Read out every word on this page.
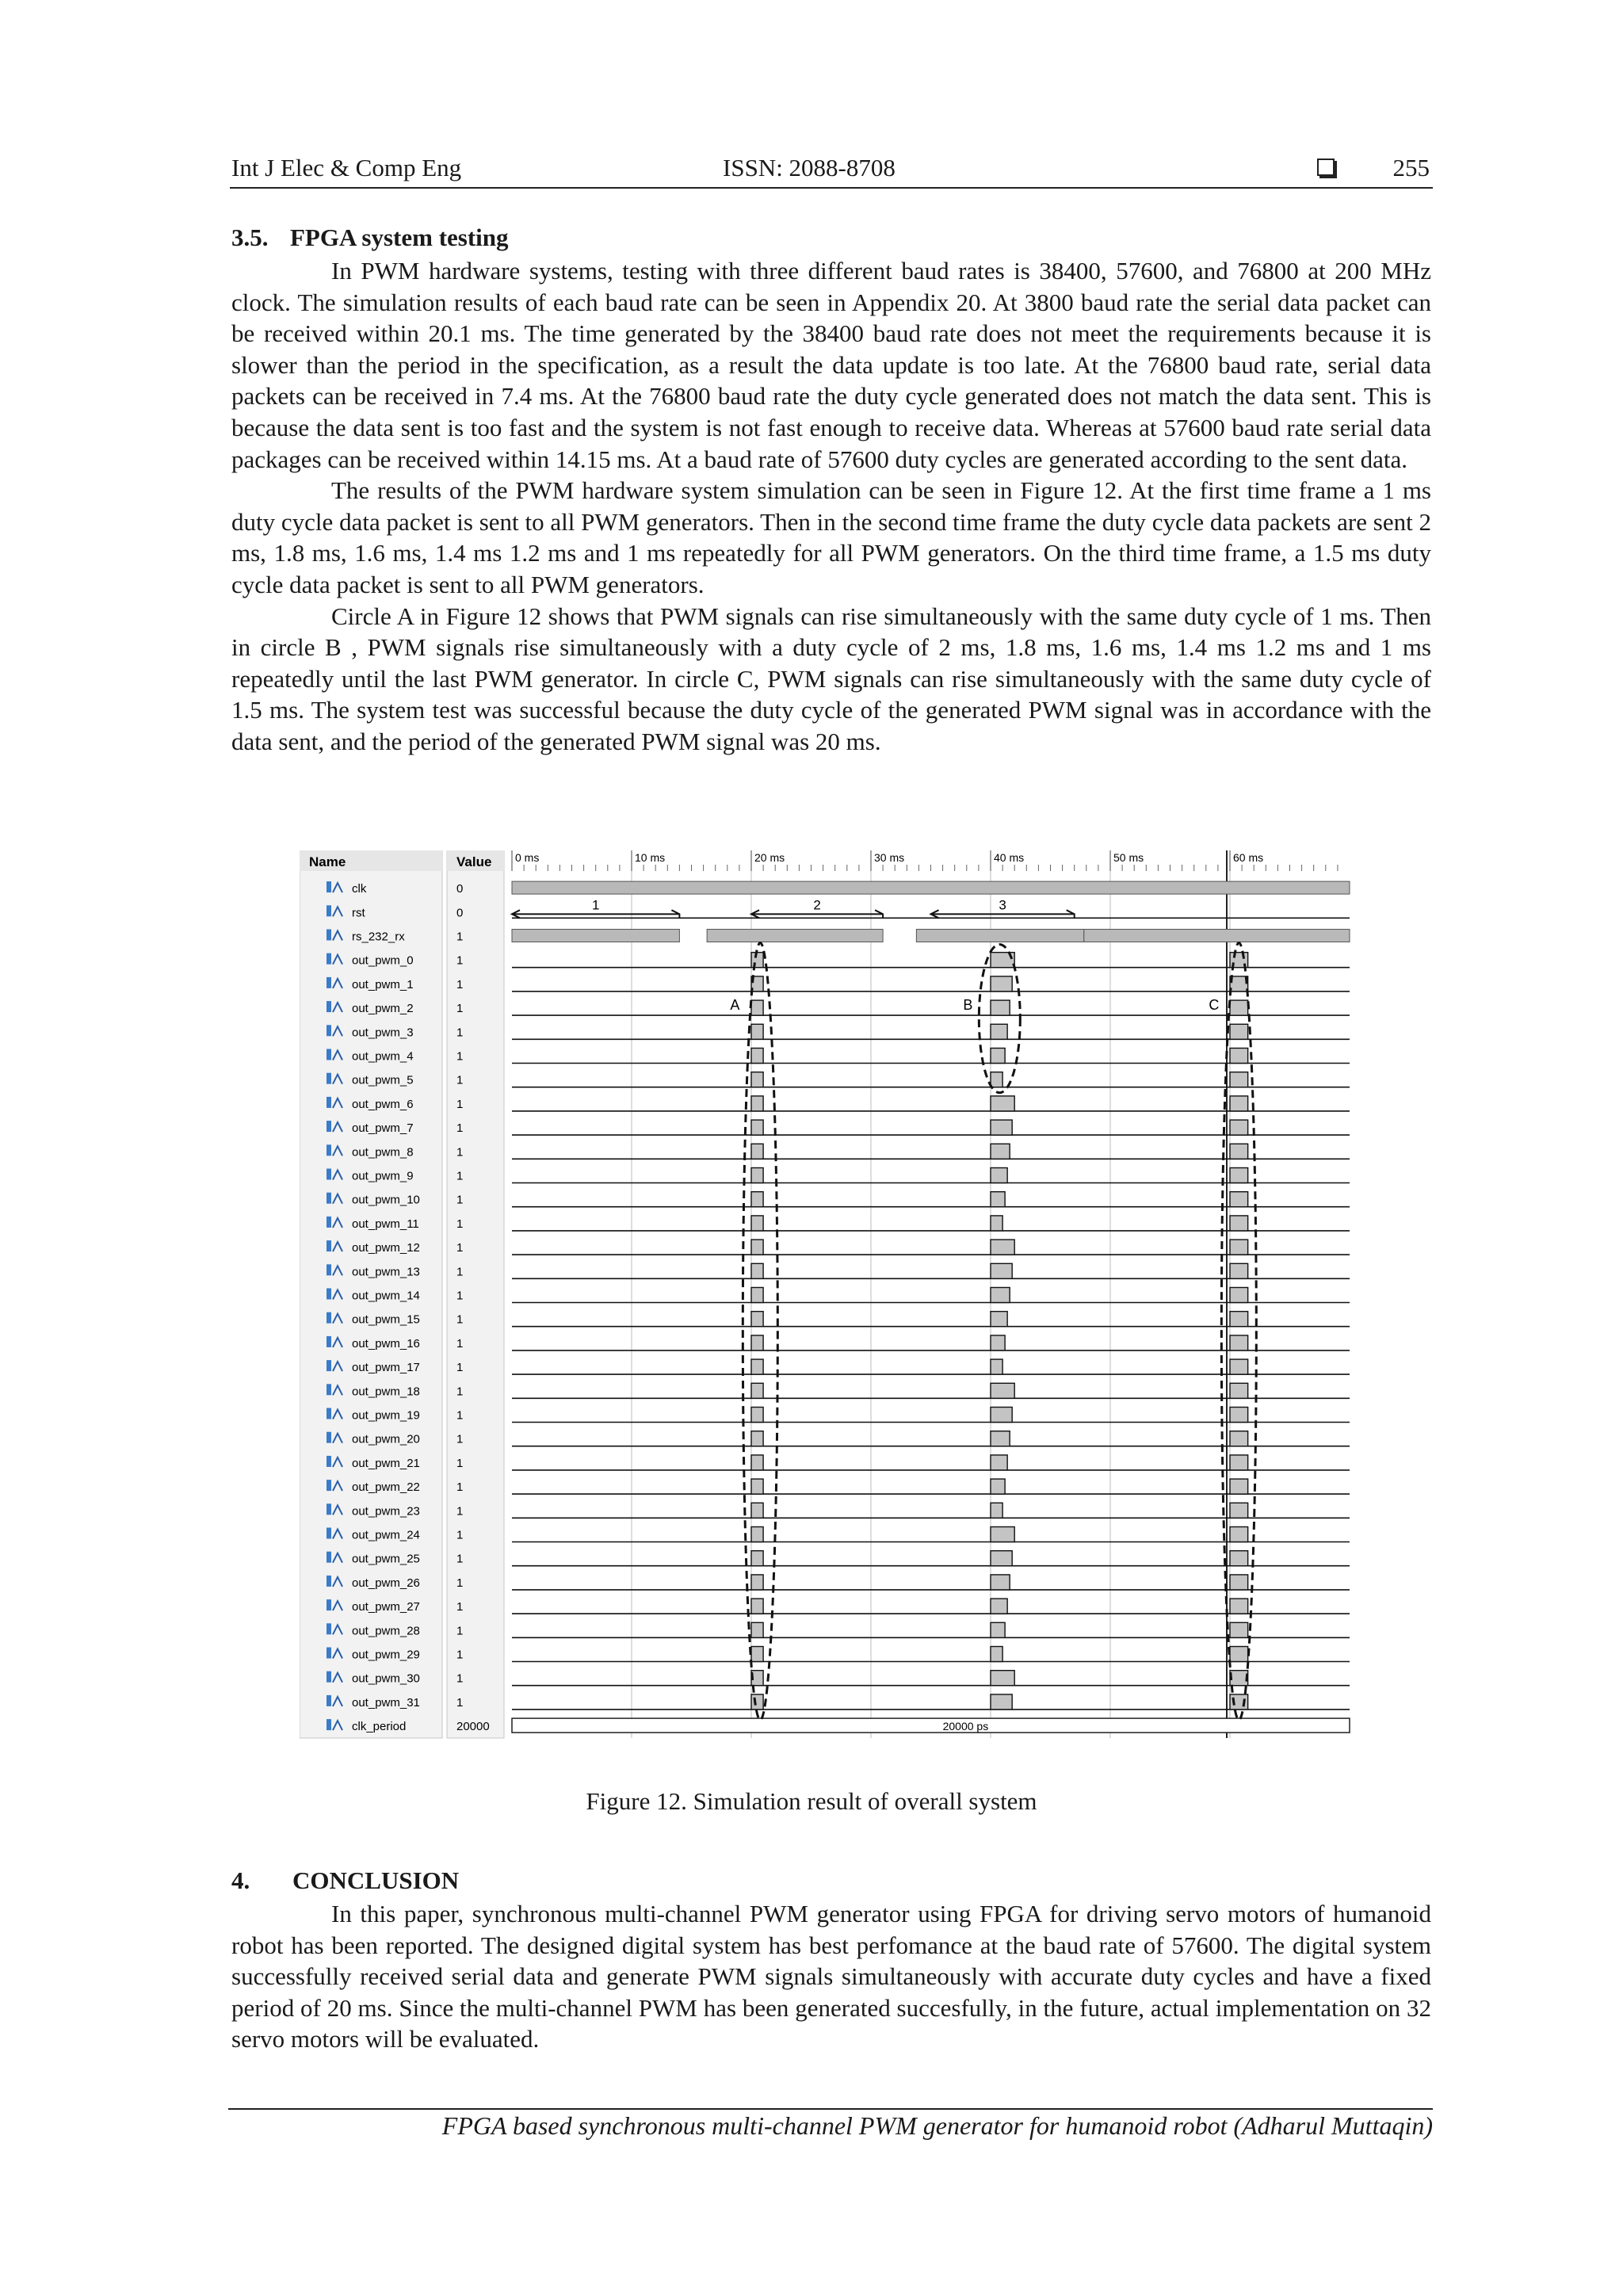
Int J Elec & Comp Eng	ISSN: 2088-8708	255
3.5. FPGA system testing

In PWM hardware systems, testing with three different baud rates is 38400, 57600, and 76800 at 200 MHz clock. The simulation results of each baud rate can be seen in Appendix 20. At 3800 baud rate the serial data packet can be received within 20.1 ms. The time generated by the 38400 baud rate does not meet the requirements because it is slower than the period in the specification, as a result the data update is too late. At the 76800 baud rate, serial data packets can be received in 7.4 ms. At the 76800 baud rate the duty cycle generated does not match the data sent. This is because the data sent is too fast and the system is not fast enough to receive data. Whereas at 57600 baud rate serial data packages can be received within 14.15 ms. At a baud rate of 57600 duty cycles are generated according to the sent data.

The results of the PWM hardware system simulation can be seen in Figure 12. At the first time frame a 1 ms duty cycle data packet is sent to all PWM generators. Then in the second time frame the duty cycle data packets are sent 2 ms, 1.8 ms, 1.6 ms, 1.4 ms 1.2 ms and 1 ms repeatedly for all PWM generators. On the third time frame, a 1.5 ms duty cycle data packet is sent to all PWM generators.

Circle A in Figure 12 shows that PWM signals can rise simultaneously with the same duty cycle of 1 ms. Then in circle B , PWM signals rise simultaneously with a duty cycle of 2 ms, 1.8 ms, 1.6 ms, 1.4 ms 1.2 ms and 1 ms repeatedly until the last PWM generator. In circle C, PWM signals can rise simultaneously with the same duty cycle of 1.5 ms. The system test was successful because the duty cycle of the generated PWM signal was in accordance with the data sent, and the period of the generated PWM signal was 20 ms.

Name	Value
clk	0
rst	0
rs_232_rx	1
out_pwm_0	1
out_pwm_1	1
out_pwm_2	1
out_pwm_3	1
out_pwm_4	1
out_pwm_5	1
out_pwm_6	1
out_pwm_7	1
out_pwm_8	1
out_pwm_9	1
out_pwm_10	1
out_pwm_11	1
out_pwm_12	1
out_pwm_13	1
out_pwm_14	1
out_pwm_15	1
out_pwm_16	1
out_pwm_17	1
out_pwm_18	1
out_pwm_19	1
out_pwm_20	1
out_pwm_21	1
out_pwm_22	1
out_pwm_23	1
out_pwm_24	1
out_pwm_25	1
out_pwm_26	1
out_pwm_27	1
out_pwm_28	1
out_pwm_29	1
out_pwm_30	1
out_pwm_31	1
clk_period	20000	20000 ps
0 ms	10 ms	20 ms	30 ms	40 ms	50 ms	60 ms
1	2	3
A	B	C
Figure 12. Simulation result of overall system
4. CONCLUSION

In this paper, synchronous multi-channel PWM generator using FPGA for driving servo motors of humanoid robot has been reported. The designed digital system has best perfomance at the baud rate of 57600. The digital system successfully received serial data and generate PWM signals simultaneously with accurate duty cycles and have a fixed period of 20 ms. Since the multi-channel PWM has been generated succesfully, in the future, actual implementation on 32 servo motors will be evaluated.

FPGA based synchronous multi-channel PWM generator for humanoid robot (Adharul Muttaqin)
